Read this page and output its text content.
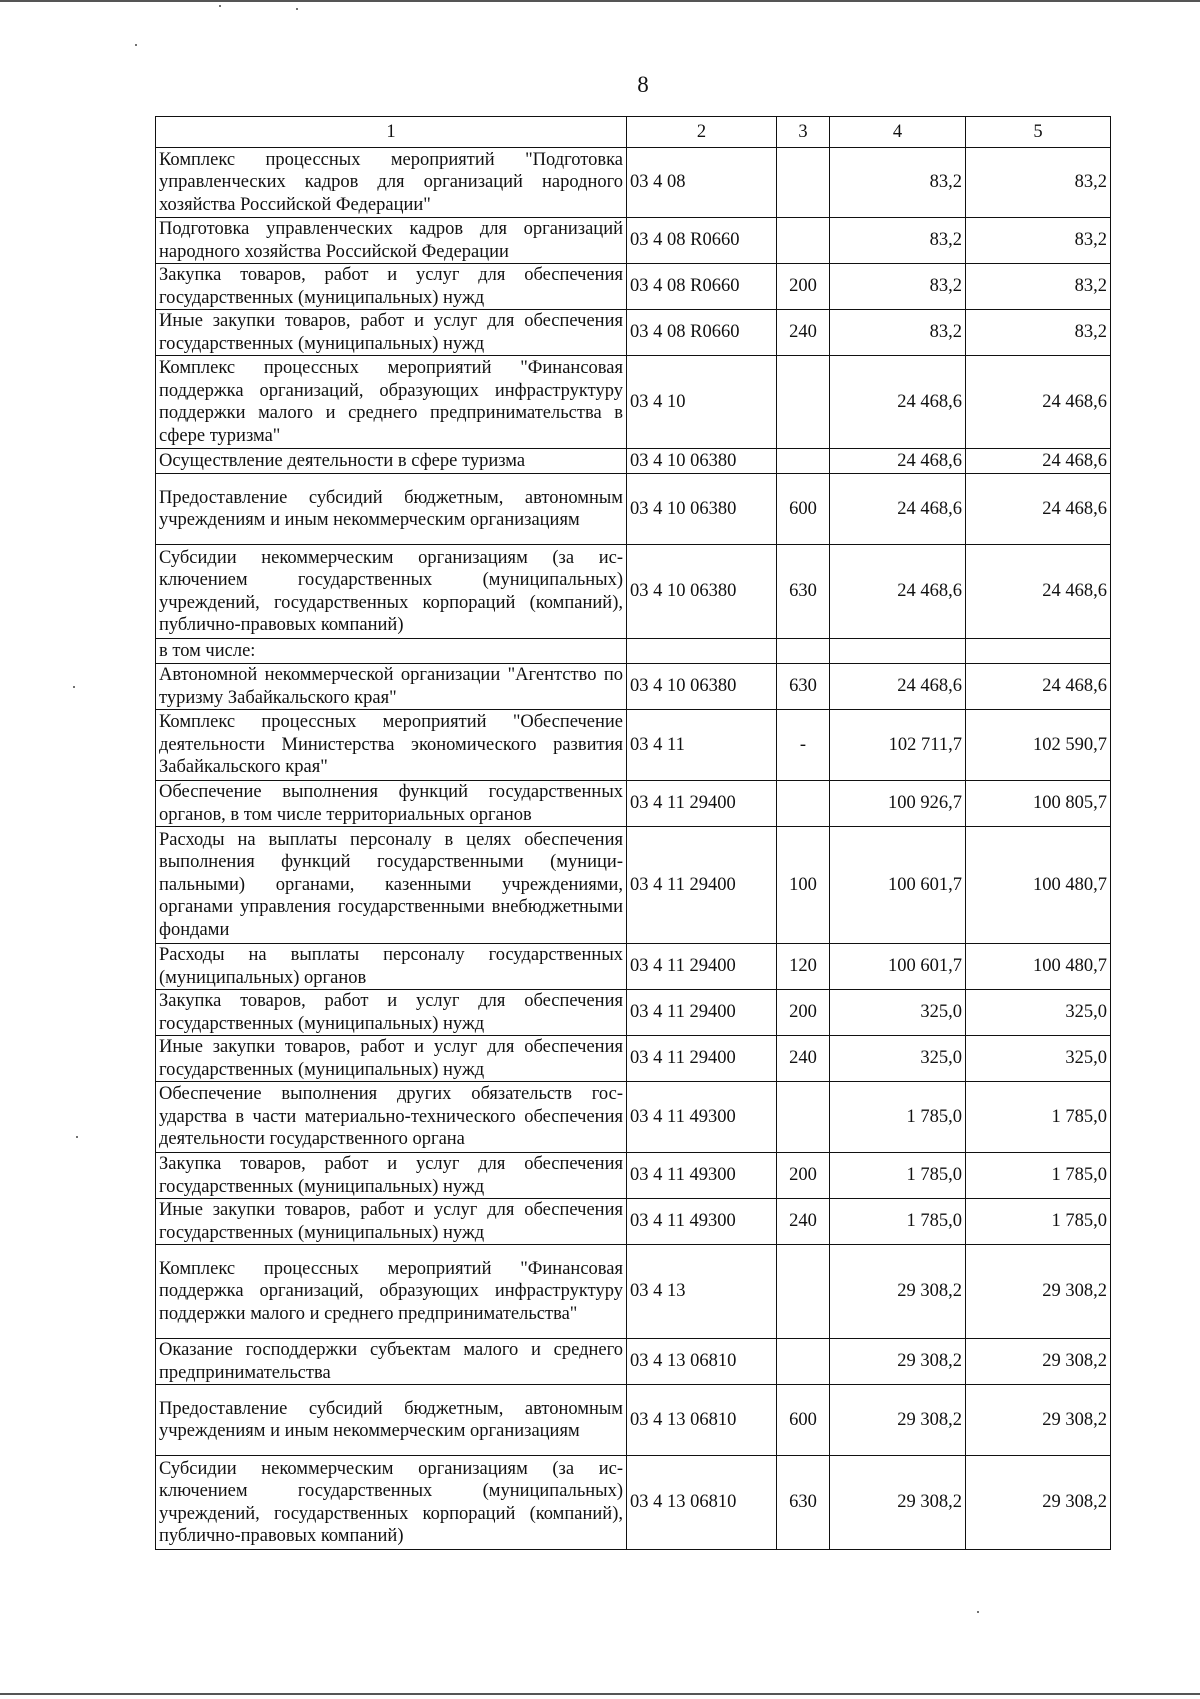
8
1	2	3	4	5
Комплекс процессных мероприятий "Подготовка управленческих кадров для организаций народного хозяйства Российской Федерации"	03 4 08		83,2	83,2
Подготовка управленческих кадров для организаций народного хозяйства Российской Федерации	03 4 08 R0660		83,2	83,2
Закупка товаров, работ и услуг для обеспечения государственных (муниципальных) нужд	03 4 08 R0660	200	83,2	83,2
Иные закупки товаров, работ и услуг для обеспечения государственных (муниципальных) нужд	03 4 08 R0660	240	83,2	83,2
Комплекс процессных мероприятий "Финансовая поддержка организаций, образующих инфраструктуру поддержки малого и среднего предпринимательства в сфере туризма"	03 4 10		24 468,6	24 468,6
Осуществление деятельности в сфере туризма	03 4 10 06380		24 468,6	24 468,6
Предоставление субсидий бюджетным, автономным учреждениям и иным некоммерческим организациям	03 4 10 06380	600	24 468,6	24 468,6
Субсидии некоммерческим организациям (за исключением государственных (муниципальных) учреждений, государственных корпораций (компаний), публично-правовых компаний)	03 4 10 06380	630	24 468,6	24 468,6
в том числе:				
Автономной некоммерческой организации "Агентство по туризму Забайкальского края"	03 4 10 06380	630	24 468,6	24 468,6
Комплекс процессных мероприятий "Обеспечение деятельности Министерства экономического развития Забайкальского края"	03 4 11	-	102 711,7	102 590,7
Обеспечение выполнения функций государственных органов, в том числе территориальных органов	03 4 11 29400		100 926,7	100 805,7
Расходы на выплаты персоналу в целях обеспечения выполнения функций государственными (муниципальными) органами, казенными учреждениями, органами управления государственными внебюджетными фондами	03 4 11 29400	100	100 601,7	100 480,7
Расходы на выплаты персоналу государственных (муниципальных) органов	03 4 11 29400	120	100 601,7	100 480,7
Закупка товаров, работ и услуг для обеспечения государственных (муниципальных) нужд	03 4 11 29400	200	325,0	325,0
Иные закупки товаров, работ и услуг для обеспечения государственных (муниципальных) нужд	03 4 11 29400	240	325,0	325,0
Обеспечение выполнения других обязательств государства в части материально-технического обеспечения деятельности государственного органа	03 4 11 49300		1 785,0	1 785,0
Закупка товаров, работ и услуг для обеспечения государственных (муниципальных) нужд	03 4 11 49300	200	1 785,0	1 785,0
Иные закупки товаров, работ и услуг для обеспечения государственных (муниципальных) нужд	03 4 11 49300	240	1 785,0	1 785,0
Комплекс процессных мероприятий "Финансовая поддержка организаций, образующих инфраструктуру поддержки малого и среднего предпринимательства"	03 4 13		29 308,2	29 308,2
Оказание господдержки субъектам малого и среднего предпринимательства	03 4 13 06810		29 308,2	29 308,2
Предоставление субсидий бюджетным, автономным учреждениям и иным некоммерческим организациям	03 4 13 06810	600	29 308,2	29 308,2
Субсидии некоммерческим организациям (за исключением государственных (муниципальных) учреждений, государственных корпораций (компаний), публично-правовых компаний)	03 4 13 06810	630	29 308,2	29 308,2
